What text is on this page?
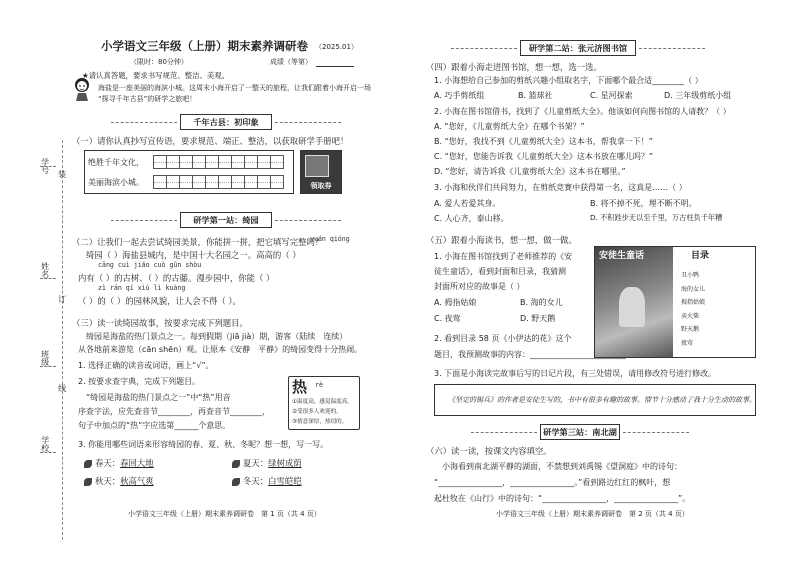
学号
姓名
班级
学校
装
订
线
小学语文三年级（上册）期末素养调研卷 （2025.01）
（限时：80分钟）	成绩（等第）
★请认真答题，要求书写规范、整洁、美观。
海盐是一座美丽的海滨小城。这周末小海开启了一整天的旅程，让我们跟着小海开启一场
“探寻千年古县”的研学之旅吧！
千年古县：初印象
（一）请你认真抄写宣传语，要求规范、端正、整洁，以获取研学手册吧！
绝胜千年文化，
美丽海滨小城。	领取券
研学第一站：绮园
（二）让我们一起去尝试绮园美景，你能拼一拼，把它填写完整吗？
yuán qióng
绮园（ ）海盐县城内，是中国十大名园之一。高高的（ ）
cāng cuì jiǎo cuò gǔn shòu
内有（ ）的古树、（ ）的古藤。漫步园中，你能（ ）
zì rán qí xiù lì kuàng
（ ）的（ ）的园林风貌，让人会不得（ ）。
（三）读一读绮园故事，按要求完成下列题目。
绮园是海盐的热门景点之一。每到假期（jiā jià）期，游客（陆续　连续）
从各地前来游览（cān shēn）观。让原本《安静　平静》的绮园变得十分热闹。
1. 选择正确的读音或词语，画上“√”。
2. 按要求查字典，完成下列题目。
“绮园是海盐的热门景点之一”中“热”用音
序查字法，应先查音节________，再查音节________，
句子中加点的“热”字应选第______个意思。
热 rè
①温度高，感觉温度高。
②受很多人欢迎的。
③情意深厚，热切的。
3. 你能用哪些词语来形容绮园的春、夏、秋、冬呢？想一想，写一写。
春天：春回大地	夏天：绿树成荫
秋天：秋高气爽	冬天：白雪皑皑
小学语文三年级（上册）期末素养调研卷　第 1 页（共 4 页）
研学第二站：张元济图书馆
（四）跟着小海走进图书馆，想一想，选一选。
1. 小海想给自己参加的剪纸兴趣小组取名字，下面哪个最合适________（ ）
A. 巧手剪纸组	B. 篮球社	C. 星河探索	D. 三年级剪纸小组
2. 小海在图书馆借书，找到了《儿童剪纸大全》。他该如何向图书馆的人请教？（ ）
A. “您好，《儿童剪纸大全》在哪个书架？”
B. “您好，我找不到《儿童剪纸大全》这本书，帮我拿一下！”
C. “您好，您能告诉我《儿童剪纸大全》这本书放在哪儿吗？”
D. “您好，请告诉我《儿童剪纸大全》这本书在哪里。”
3. 小海和伙伴们共同努力，在剪纸竞赛中获得第一名，这真是……（ ）
A. 爱人若爱其身。	B. 将不掉不死，埋不断不明。
C. 人心齐，泰山移。	D. 不积跬步无以至千里，万古柱负千年糟
（五）跟着小海读书，想一想，做一做。
1. 小海在图书馆找到了老师推荐的《安
徒生童话》，看到封面和目录，我猜测
封面所对应的故事是（ ）
A. 拇指姑娘	B. 海的女儿
C. 夜莺	D. 野天鹅
安徒生童话	目录
丑小鸭
海的女儿
拇指姑娘
卖火柴
野天鹅
夜莺
2. 看到目录 58 页《小伊达的花》这个
题目，我预测故事的内容：________________________
3. 下面是小海读完故事后写的日记片段，有三处错误，请用修改符号进行修改。
《坚定的锡兵》的作者是安徒生写的，书中有很多有趣的故事。情节十分感动了我十分生动的故事。
研学第三站：南北湖
（六）读一读，按课文内容填空。
小海看到南北湖平静的湖面，不禁想到刘禹锡《望洞庭》中的诗句：
“________________，________________。”看到路边红红的枫叶，想
起杜牧在《山行》中的诗句：“________________，________________”。
小学语文三年级（上册）期末素养调研卷　第 2 页（共 4 页）
